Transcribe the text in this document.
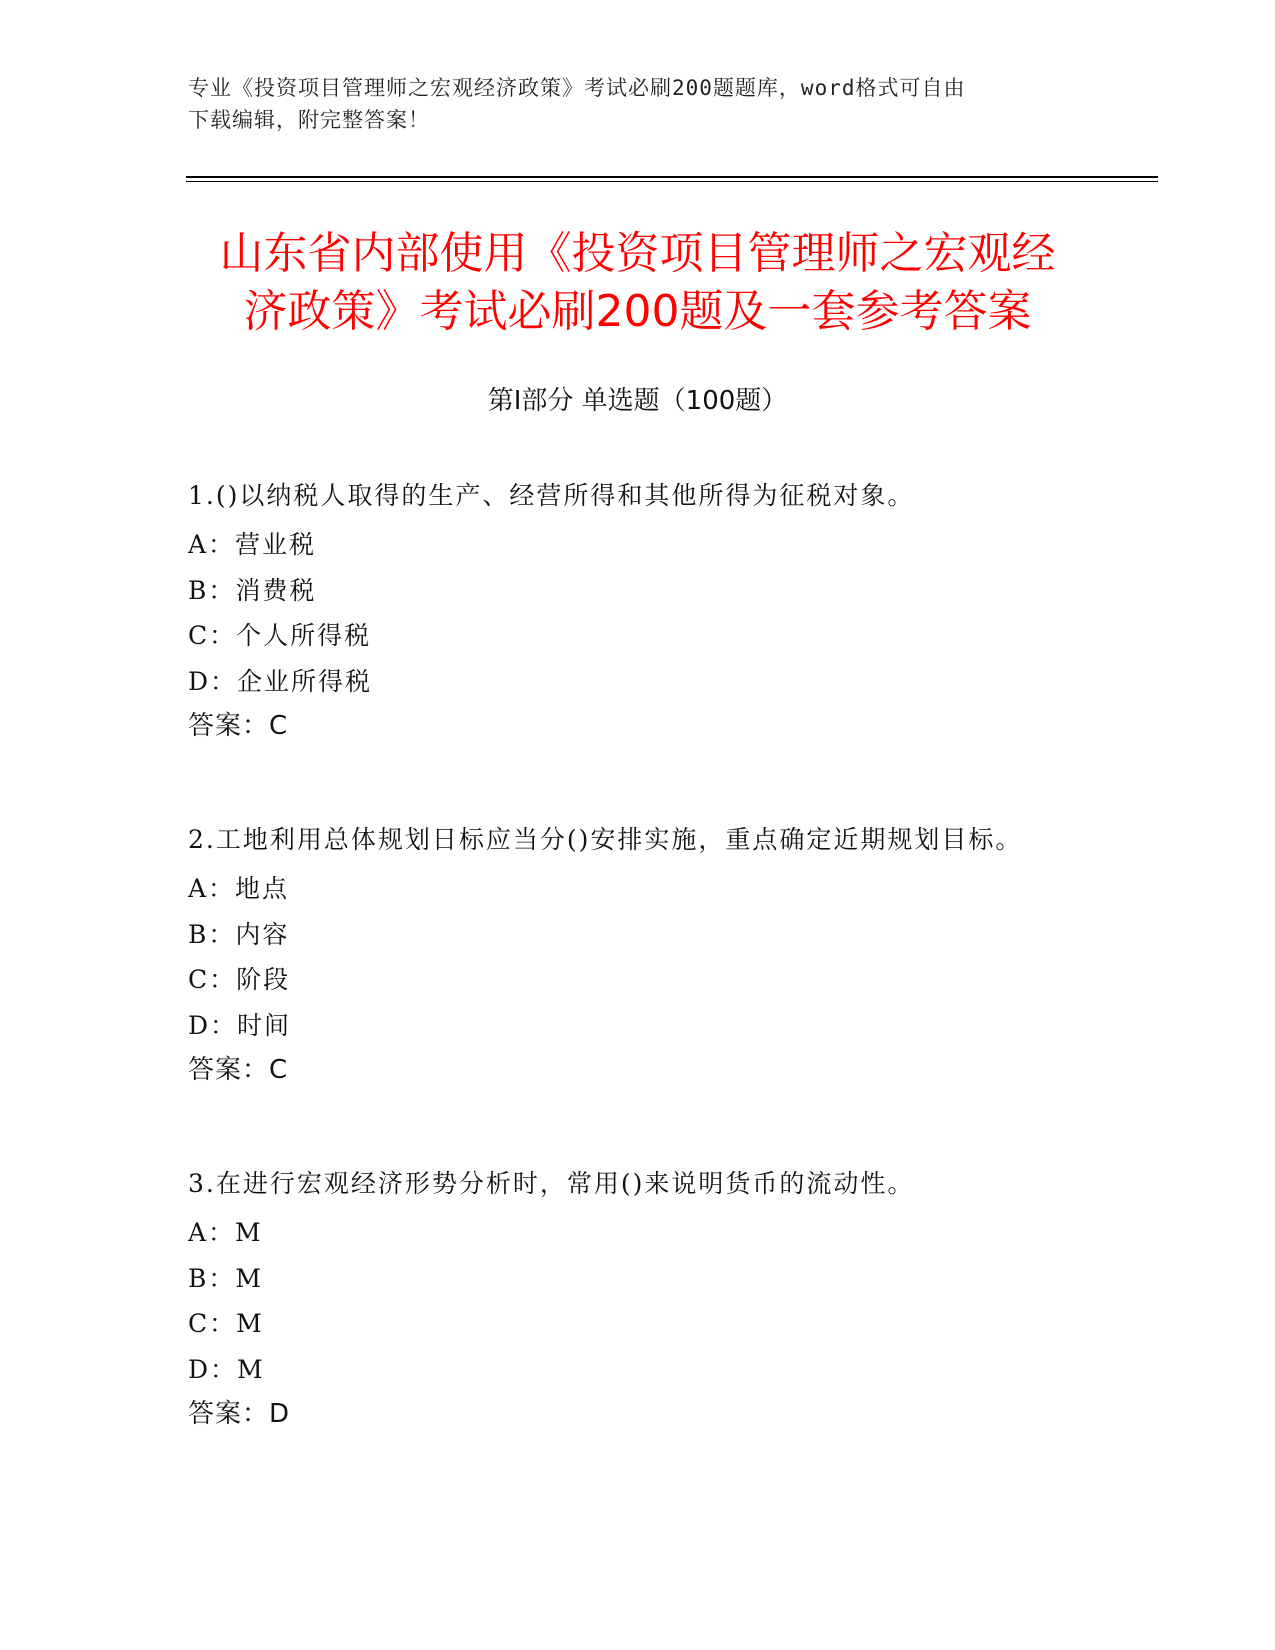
专业《投资项目管理师之宏观经济政策》考试必刷200题题库，word格式可自由
下载编辑，附完整答案！
山东省内部使用《投资项目管理师之宏观经
济政策》考试必刷200题及一套参考答案
第Ⅰ部分 单选题（100题）
1.()以纳税人取得的生产、经营所得和其他所得为征税对象。
A：营业税
B：消费税
C：个人所得税
D：企业所得税
答案：C
2.工地利用总体规划日标应当分()安排实施，重点确定近期规划目标。
A：地点
B：内容
C：阶段
D：时间
答案：C
3.在进行宏观经济形势分析时，常用()来说明货币的流动性。
A：M
B：M
C：M
D：M
答案：D
